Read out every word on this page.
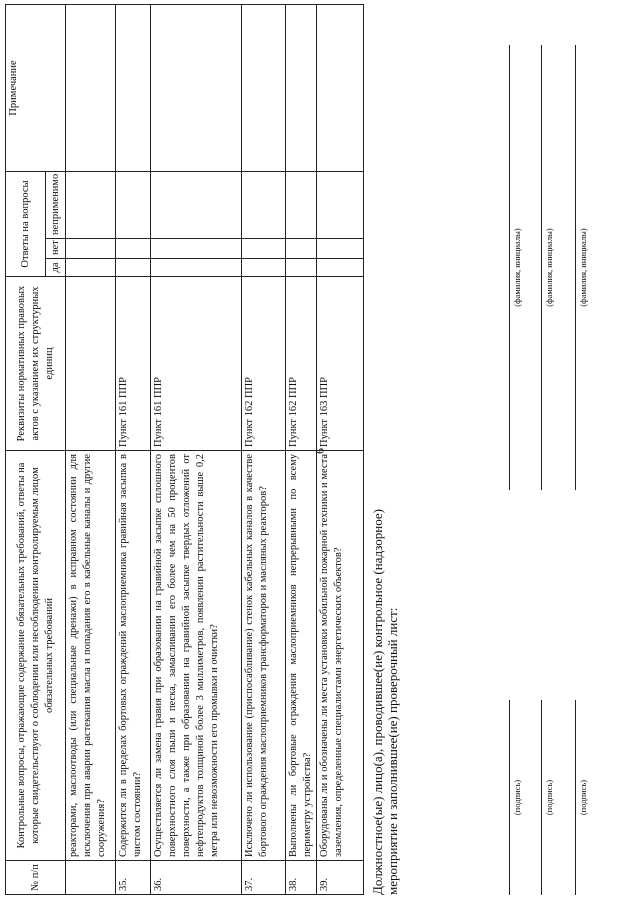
6
№ п/п	Контрольные вопросы, отражающие содержание обязательных требований, ответы на которые свидетельствуют о соблюдении или несоблюдении контролируемым лицом обязательных требований	Реквизиты нормативных правовых актов с указанием их структурных единиц	Ответы на вопросы			Примечание
			да	нет	неприменимо	
	реакторами, маслоотводы (или специальные дренажи) в исправном состоянии для исключения при аварии растекания масла и попадания его в кабельные каналы и другие сооружения?					
35.	Содержится ли в пределах бортовых ограждений маслоприемника гравийная засыпка в чистом состоянии?	Пункт 161 ППР				
36.	Осуществляется ли замена гравия при образовании на гравийной засыпке сплошного поверхностного слоя пыли и песка, замасливании его более чем на 50 процентов поверхности, а также при образовании на гравийной засыпке твердых отложений от нефтепродуктов толщиной более 3 миллиметров, появлении растительности выше 0,2 метра или невозможности его промывки и очистки?	Пункт 161 ППР				
37.	Исключено ли использование (приспосабливание) стенок кабельных каналов в качестве бортового ограждения маслоприемников трансформаторов и масляных реакторов?	Пункт 162 ППР				
38.	Выполнены ли бортовые ограждения маслоприемников непрерывными по всему периметру устройства?	Пункт 162 ППР				
39.	Оборудованы ли и обозначены ли места установки мобильной пожарной техники и места заземления, определенные специалистами энергетических объектов?	Пункт 163 ППР				
Должностное(ые) лицо(а), проводившее(ие) контрольное (надзорное) мероприятие и заполнившее(ие) проверочный лист:	(подпись)
(фамилия, инициалы)
(подпись)
(фамилия, инициалы)
(подпись)
(фамилия, инициалы)
